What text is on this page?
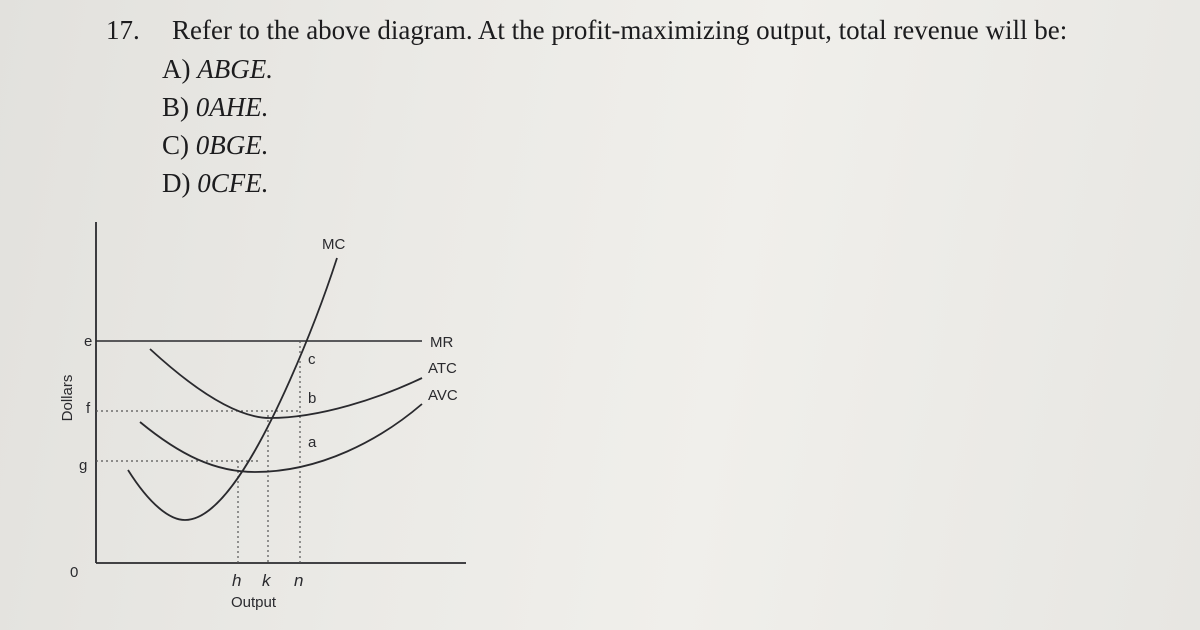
17. Refer to the above diagram. At the profit-maximizing output, total revenue will be:
A) ABGE.
B) 0AHE.
C) 0BGE.
D) 0CFE.
Dollars
e
f
g
0
MC
MR
ATC
AVC
c
b
a
h k n
Output
